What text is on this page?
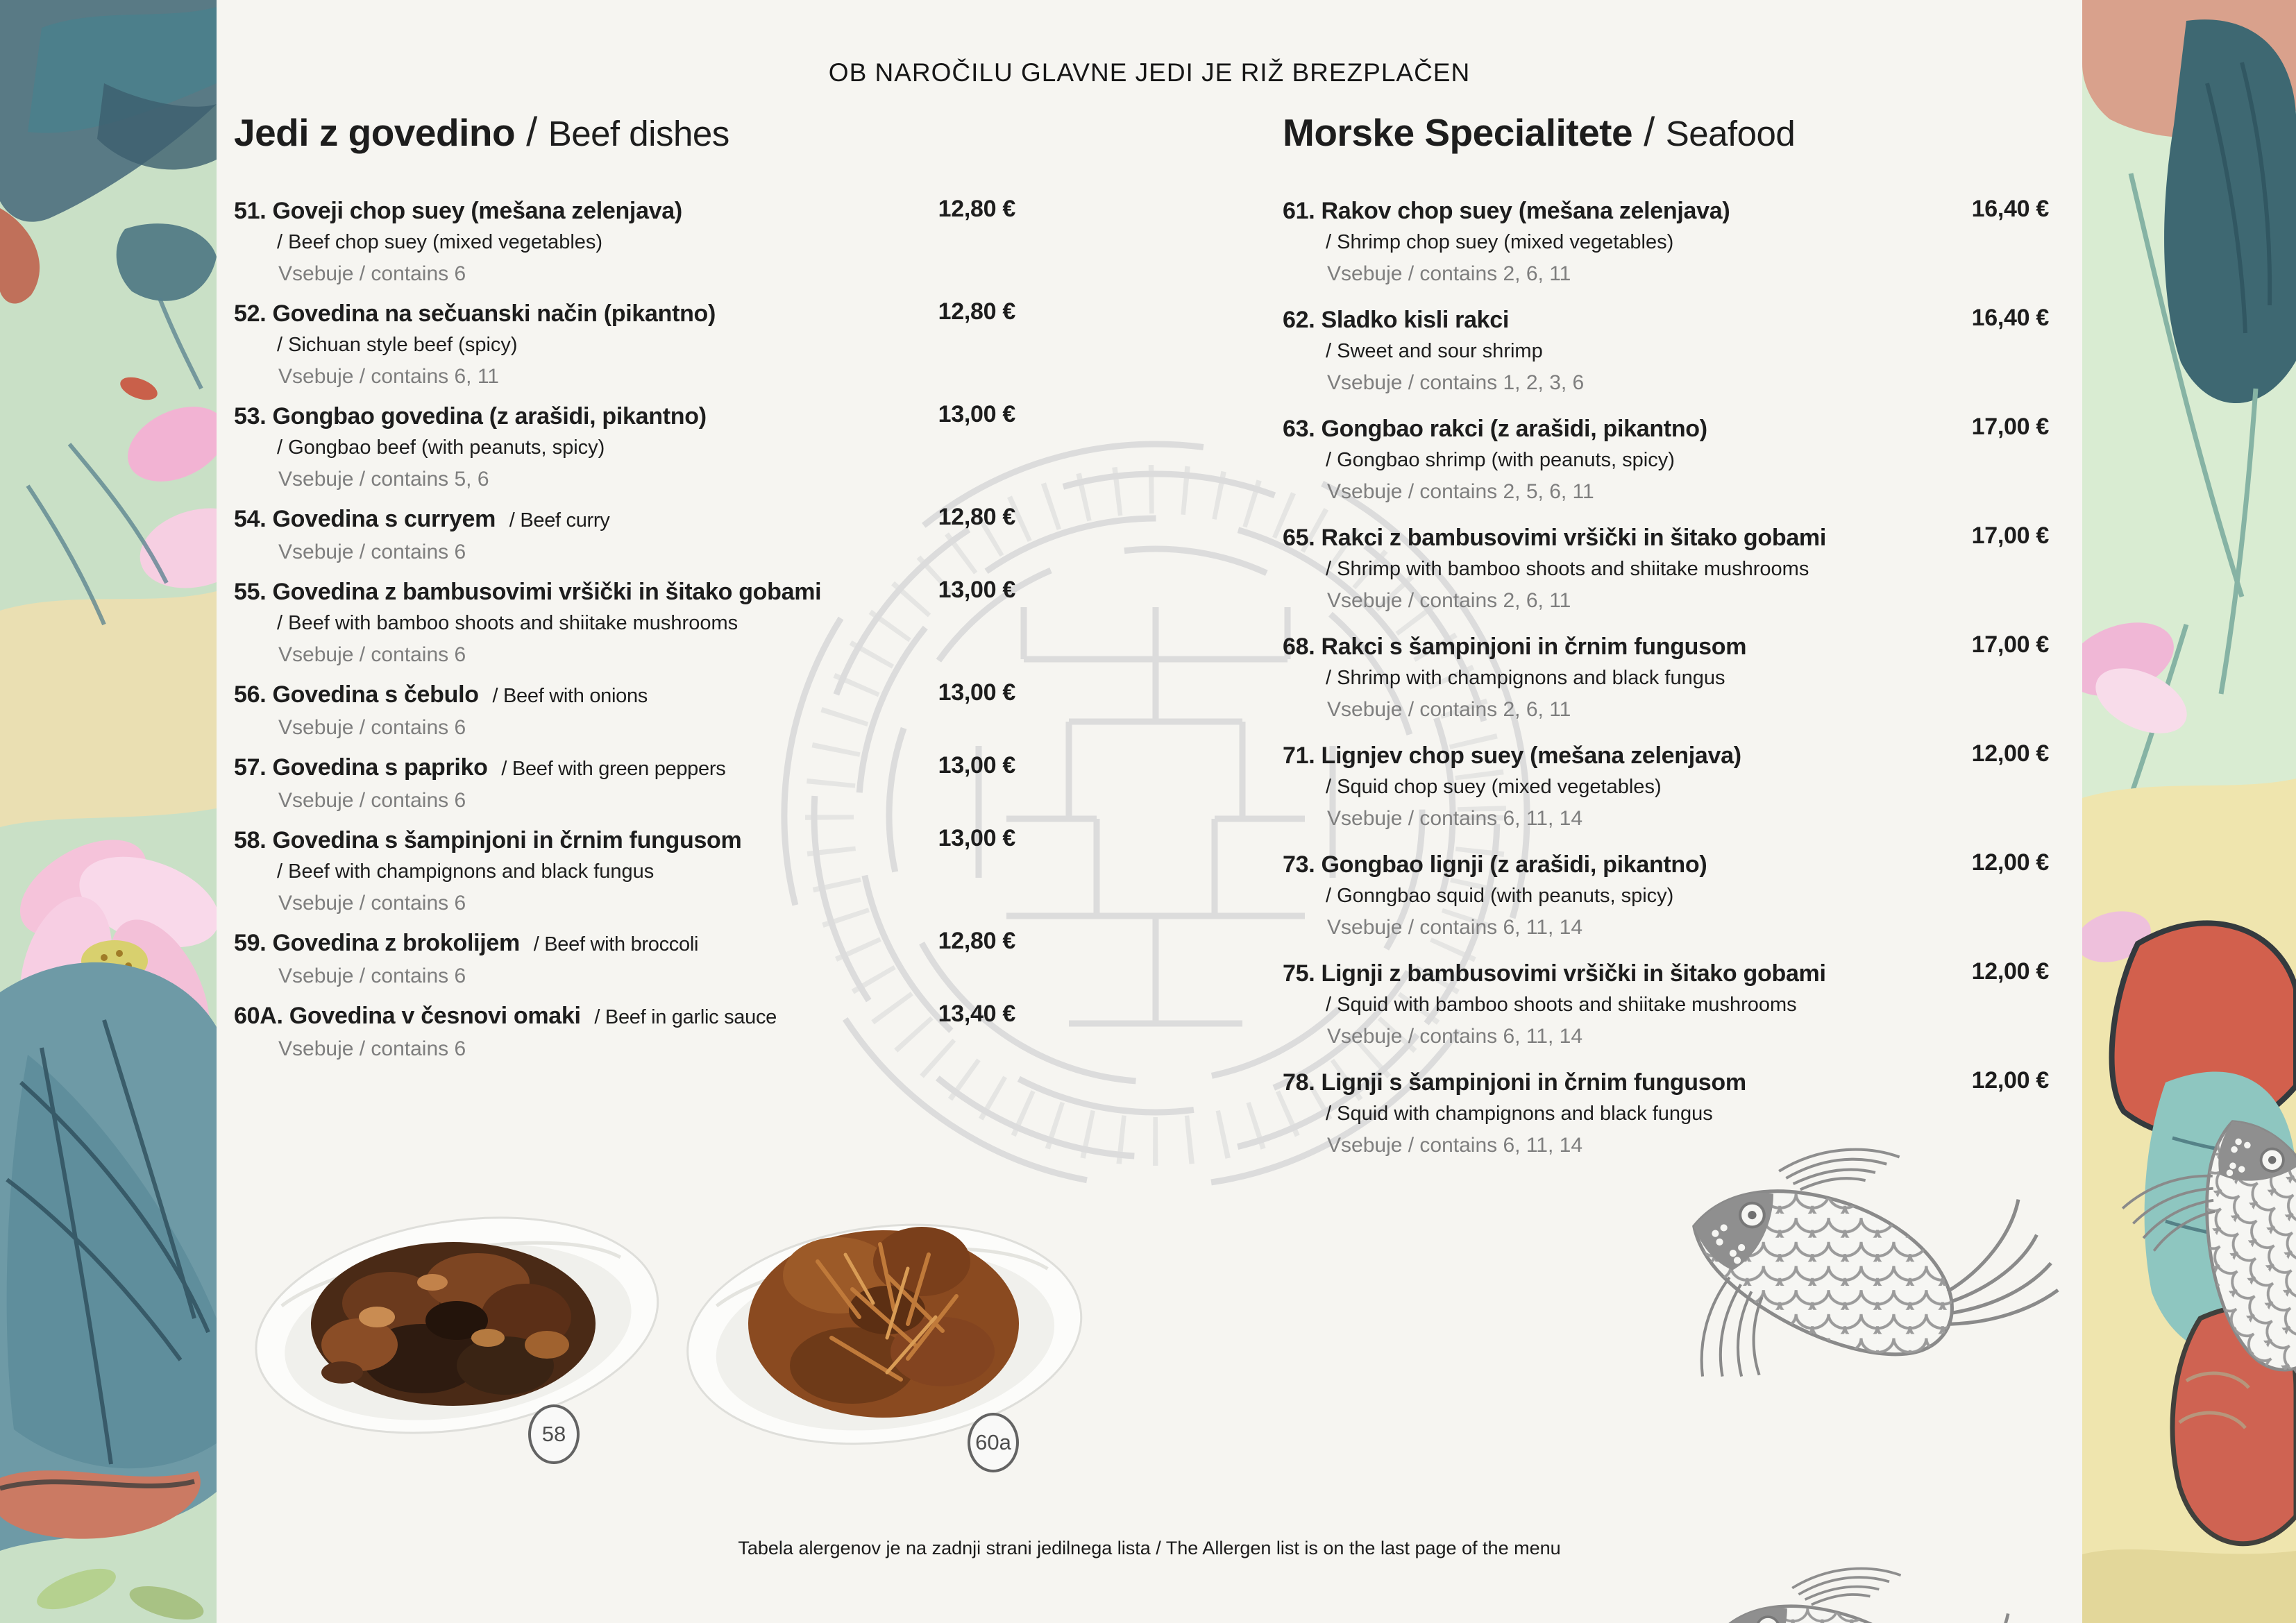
OB NAROČILU GLAVNE JEDI JE RIŽ BREZPLAČEN
Jedi z govedino / Beef dishes
51. Goveji chop suey (mešana zelenjava)
/ Beef chop suey (mixed vegetables)
Vsebuje / contains 6
12,80 €
52. Govedina na sečuanski način (pikantno)
/ Sichuan style beef (spicy)
Vsebuje / contains 6, 11
12,80 €
53. Gongbao govedina (z arašidi, pikantno)
/ Gongbao beef (with peanuts, spicy)
Vsebuje / contains 5, 6
13,00 €
54. Govedina s curryem / Beef curry
Vsebuje / contains 6
12,80 €
55. Govedina z bambusovimi vršički in šitako gobami
/ Beef with bamboo shoots and shiitake mushrooms
Vsebuje / contains 6
13,00 €
56. Govedina s čebulo / Beef with onions
Vsebuje / contains 6
13,00 €
57. Govedina s papriko / Beef with green peppers
Vsebuje / contains 6
13,00 €
58. Govedina s šampinjoni in črnim fungusom
/ Beef with champignons and black fungus
Vsebuje / contains 6
13,00 €
59. Govedina z brokolijem / Beef with broccoli
Vsebuje / contains 6
12,80 €
60A. Govedina v česnovi omaki / Beef in garlic sauce
Vsebuje / contains 6
13,40 €
Morske Specialitete / Seafood
61. Rakov chop suey (mešana zelenjava)
/ Shrimp chop suey (mixed vegetables)
Vsebuje / contains 2, 6, 11
16,40 €
62. Sladko kisli rakci
/ Sweet and sour shrimp
Vsebuje / contains 1, 2, 3, 6
16,40 €
63. Gongbao rakci (z arašidi, pikantno)
/ Gongbao shrimp (with peanuts, spicy)
Vsebuje / contains 2, 5, 6, 11
17,00 €
65. Rakci z bambusovimi vršički in šitako gobami
/ Shrimp with bamboo shoots and shiitake mushrooms
Vsebuje / contains 2, 6, 11
17,00 €
68. Rakci s šampinjoni in črnim fungusom
/ Shrimp with champignons and black fungus
Vsebuje / contains 2, 6, 11
17,00 €
71. Lignjev chop suey (mešana zelenjava)
/ Squid chop suey (mixed vegetables)
Vsebuje / contains 6, 11, 14
12,00 €
73. Gongbao lignji (z arašidi, pikantno)
/ Gonngbao squid (with peanuts, spicy)
Vsebuje / contains 6, 11, 14
12,00 €
75. Lignji z bambusovimi vršički in šitako gobami
/ Squid with bamboo shoots and shiitake mushrooms
Vsebuje / contains 6, 11, 14
12,00 €
78. Lignji s šampinjoni in črnim fungusom
/ Squid with champignons and black fungus
Vsebuje / contains 6, 11, 14
12,00 €
58	60a
Tabela alergenov je na zadnji strani jedilnega lista / The Allergen list is on the last page of the menu
